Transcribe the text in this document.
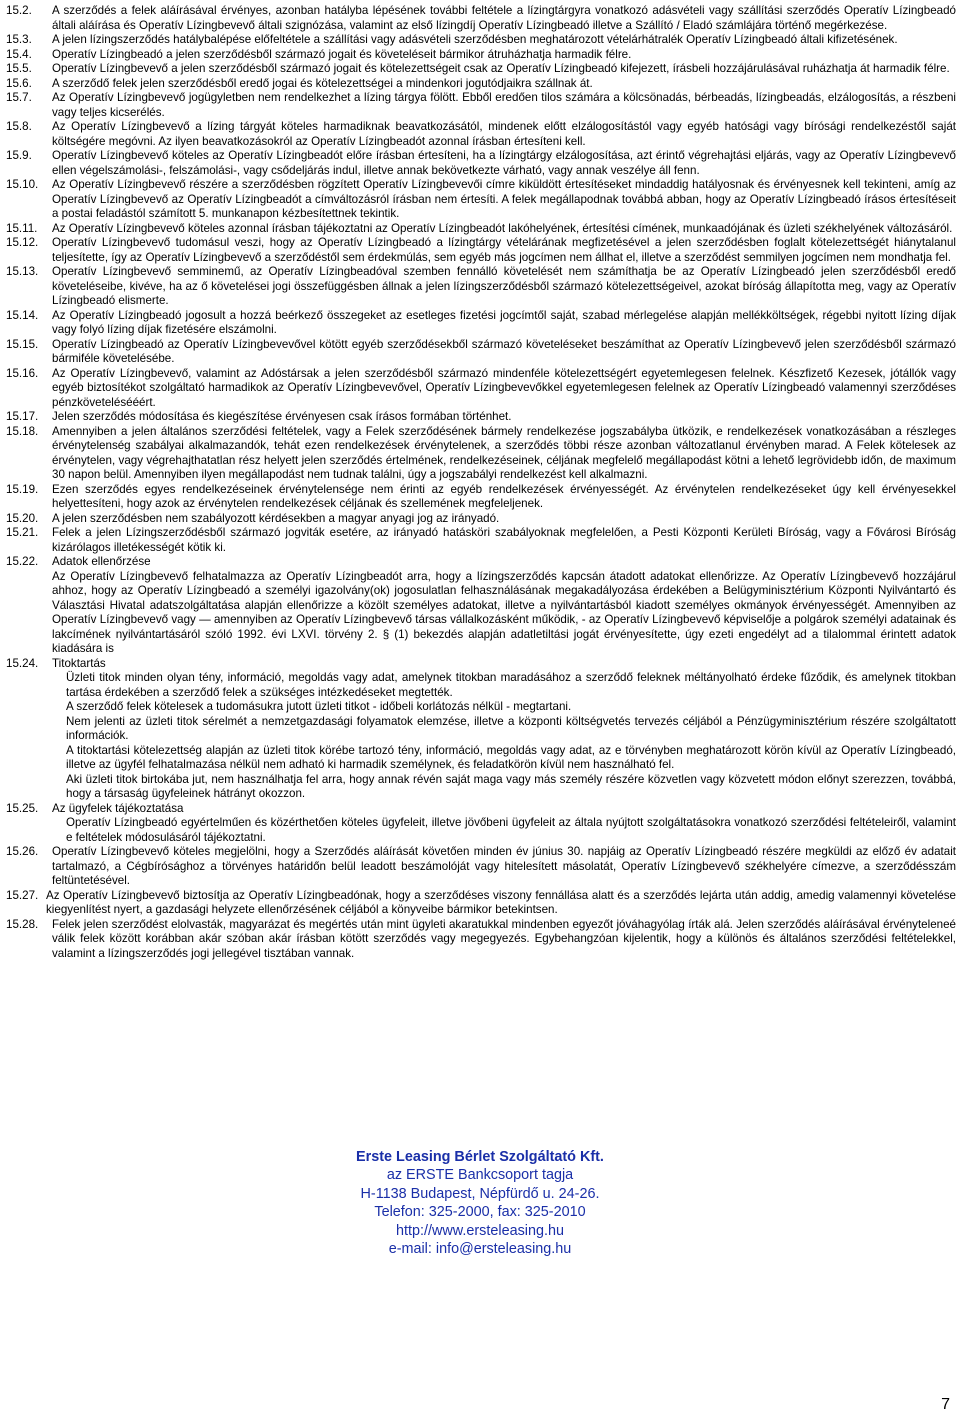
15.2.	A szerződés a felek aláírásával érvényes, azonban hatályba lépésének további feltétele a lízingtárgyra vonatkozó adásvételi vagy szállítási szerződés Operatív Lízingbeadó általi aláírása és Operatív Lízingbevevő általi szignózása, valamint az első lízingdíj Operatív Lízingbeadó illetve a Szállító / Eladó számlájára történő megérkezése.

15.3.	A jelen lízingszerződés hatálybalépése előfeltétele a szállítási vagy adásvételi szerződésben meghatározott vételárhátralék Operatív Lízingbeadó általi kifizetésének.

15.4.	Operatív Lízingbeadó a jelen szerződésből származó jogait és követeléseit bármikor átruházhatja harmadik félre.

15.5.	Operatív Lízingbevevő a jelen szerződésből származó jogait és kötelezettségeit csak az Operatív Lízingbeadó kifejezett, írásbeli hozzájárulásával ruházhatja át harmadik félre.

15.6.	A szerződő felek jelen szerződésből eredő jogai és kötelezettségei a mindenkori jogutódjaikra szállnak át.

15.7.	Az Operatív Lízingbevevő jogügyletben nem rendelkezhet a lízing tárgya fölött. Ebből eredően tilos számára a kölcsönadás, bérbeadás, lízingbeadás, elzálogosítás, a részbeni vagy teljes kicserélés.

15.8.	Az Operatív Lízingbevevő a lízing tárgyát köteles harmadiknak beavatkozásától, mindenek előtt elzálogosítástól vagy egyéb hatósági vagy bírósági rendelkezéstől saját költségére megóvni. Az ilyen beavatkozásokról az Operatív Lízingbeadót azonnal írásban értesíteni kell.

15.9.	Operatív Lízingbevevő köteles az Operatív Lízingbeadót előre írásban értesíteni, ha a lízingtárgy elzálogosítása, azt érintő végrehajtási eljárás, vagy az Operatív Lízingbevevő ellen végelszámolási-, felszámolási-, vagy csődeljárás indul, illetve annak bekövetkezte várható, vagy annak veszélye áll fenn.

15.10.	Az Operatív Lízingbevevő részére a szerződésben rögzített Operatív Lízingbevevői címre kiküldött értesítéseket mindaddig hatályosnak és érvényesnek kell tekinteni, amíg az Operatív Lízingbevevő az Operatív Lízingbeadót a címváltozásról írásban nem értesíti. A felek megállapodnak továbbá abban, hogy az Operatív Lízingbeadó írásos értesítéseit a postai feladástól számított 5. munkanapon kézbesítettnek tekintik.

15.11.	Az Operatív Lízingbevevő köteles azonnal írásban tájékoztatni az Operatív Lízingbeadót lakóhelyének, értesítési címének, munkaadójának és üzleti székhelyének változásáról.

15.12.	Operatív Lízingbevevő tudomásul veszi, hogy az Operatív Lízingbeadó a lízingtárgy vételárának megfizetésével a jelen szerződésben foglalt kötelezettségét hiánytalanul teljesítette, így az Operatív Lízingbevevő a szerződéstől sem érdekmúlás, sem egyéb más jogcímen nem állhat el, illetve a szerződést semmilyen jogcímen nem mondhatja fel.

15.13.	Operatív Lízingbevevő semminemű, az Operatív Lízingbeadóval szemben fennálló követelését nem számíthatja be az Operatív Lízingbeadó jelen szerződésből eredő követeléseibe, kivéve, ha az ő követelései jogi összefüggésben állnak a jelen lízingszerződésből származó kötelezettségeivel, azokat bíróság állapította meg, vagy az Operatív Lízingbeadó elismerte.

15.14.	Az Operatív Lízingbeadó jogosult a hozzá beérkező összegeket az esetleges fizetési jogcímtől saját, szabad mérlegelése alapján mellékköltségek, régebbi nyitott lízing díjak vagy folyó lízing díjak fizetésére elszámolni.

15.15.	Operatív Lízingbeadó az Operatív Lízingbevevővel kötött egyéb szerződésekből származó követeléseket beszámíthat az Operatív Lízingbevevő jelen szerződésből származó bármiféle követelésébe.

15.16.	Az Operatív Lízingbevevő, valamint az Adóstársak a jelen szerződésből származó mindenféle kötelezettségért egyetemlegesen felelnek. Készfizető Kezesek, jótállók vagy egyéb biztosítékot szolgáltató harmadikok az Operatív Lízingbevevővel, Operatív Lízingbevevőkkel egyetemlegesen felelnek az Operatív Lízingbeadó valamennyi szerződéses pénzkövetelésééért.

15.17.	Jelen szerződés módosítása és kiegészítése érvényesen csak írásos formában történhet.

15.18.	Amennyiben a jelen általános szerződési feltételek, vagy a Felek szerződésének bármely rendelkezése jogszabályba ütközik, e rendelkezések vonatkozásában a részleges érvénytelenség szabályai alkalmazandók, tehát ezen rendelkezések érvénytelenek, a szerződés többi része azonban változatlanul érvényben marad. A Felek kötelesek az érvénytelen, vagy végrehajthatatlan rész helyett jelen szerződés értelmének, rendelkezéseinek, céljának megfelelő megállapodást kötni a lehető legrövidebb időn, de maximum 30 napon belül. Amennyiben ilyen megállapodást nem tudnak találni, úgy a jogszabályi rendelkezést kell alkalmazni.

15.19.	Ezen szerződés egyes rendelkezéseinek érvénytelensége nem érinti az egyéb rendelkezések érvényességét. Az érvénytelen rendelkezéseket úgy kell érvényesekkel helyettesíteni, hogy azok az érvénytelen rendelkezések céljának és szellemének megfeleljenek.

15.20.	A jelen szerződésben nem szabályozott kérdésekben a magyar anyagi jog az irányadó.

15.21.	Felek a jelen Lízingszerződésből származó jogviták esetére, az irányadó hatásköri szabályoknak megfelelően, a Pesti Központi Kerületi Bíróság, vagy a Fővárosi Bíróság kizárólagos illetékességét kötik ki.

15.22.	Adatok ellenőrzése

Az Operatív Lízingbevevő felhatalmazza az Operatív Lízingbeadót arra, hogy a lízingszerződés kapcsán átadott adatokat ellenőrizze. Az Operatív Lízingbevevő hozzájárul ahhoz, hogy az Operatív Lízingbeadó a személyi igazolvány(ok) jogosulatlan felhasználásának megakadályozása érdekében a Belügyminisztérium Központi Nyilvántartó és Választási Hivatal adatszolgáltatása alapján ellenőrizze a közölt személyes adatokat, illetve a nyilvántartásból kiadott személyes okmányok érvényességét. Amennyiben az Operatív Lízingbevevő vagy — amennyiben az Operatív Lízingbevevő társas vállalkozásként működik, - az Operatív Lízingbevevő képviselője a polgárok személyi adatainak és lakcímének nyilvántartásáról szóló 1992. évi LXVI. törvény 2. § (1) bekezdés alapján adatletiltási jogát érvényesítette, úgy ezeti engedélyt ad a tilalommal érintett adatok kiadására is

15.24.	Titoktartás

Üzleti titok minden olyan tény, információ, megoldás vagy adat, amelynek titokban maradásához a szerződő feleknek méltányolható érdeke fűződik, és amelynek titokban tartása érdekében a szerződő felek a szükséges intézkedéseket megtették.

A szerződő felek kötelesek a tudomásukra jutott üzleti titkot - időbeli korlátozás nélkül - megtartani.

Nem jelenti az üzleti titok sérelmét a nemzetgazdasági folyamatok elemzése, illetve a központi költségvetés tervezés céljából a Pénzügyminisztérium részére szolgáltatott információk.

A titoktartási kötelezettség alapján az üzleti titok körébe tartozó tény, információ, megoldás vagy adat, az e törvényben meghatározott körön kívül az Operatív Lízingbeadó, illetve az ügyfél felhatalmazása nélkül nem adható ki harmadik személynek, és feladatkörön kívül nem használható fel.

Aki üzleti titok birtokába jut, nem használhatja fel arra, hogy annak révén saját maga vagy más személy részére közvetlen vagy közvetett módon előnyt szerezzen, továbbá, hogy a társaság ügyfeleinek hátrányt okozzon.

15.25.	Az ügyfelek tájékoztatása

Operatív Lízingbeadó egyértelműen és közérthetően köteles ügyfeleit, illetve jövőbeni ügyfeleit az általa nyújtott szolgáltatásokra vonatkozó szerződési feltételeiről, valamint e feltételek módosulásáról tájékoztatni.

15.26.	Operatív Lízingbevevő köteles megjelölni, hogy a Szerződés aláírását követően minden év június 30. napjáig az Operatív Lízingbeadó részére megküldi az előző év adatait tartalmazó, a Cégbírósághoz a törvényes határidőn belül leadott beszámolóját vagy hitelesített másolatát, Operatív Lízingbevevő székhelyére címezve, a szerződésszám feltüntetésével.

15.27. Az Operatív Lízingbevevő biztosítja az Operatív Lízingbeadónak, hogy a szerződéses viszony fennállása alatt és a szerződés lejárta után addig, amedig valamennyi követelése kiegyenlítést nyert, a gazdasági helyzete ellenőrzésének céljából a könyveibe bármikor betekintsen.

15.28.	Felek jelen szerződést elolvasták, magyarázat és megértés után mint ügyleti akaratukkal mindenben egyezőt jóváhagyólag írták alá. Jelen szerződés aláírásával érvényteleneé válik felek között korábban akár szóban akár írásban kötött szerződés vagy megegyezés. Egybehangzóan kijelentik, hogy a különös és általános szerződési feltételekkel, valamint a lízingszerződés jogi jellegével tisztában vannak.

Erste Leasing Bérlet Szolgáltató Kft.
az ERSTE Bankcsoport tagja
H-1138 Budapest, Népfürdő u. 24-26.
Telefon: 325-2000, fax: 325-2010
http://www.ersteleasing.hu
e-mail: info@ersteleasing.hu
7
